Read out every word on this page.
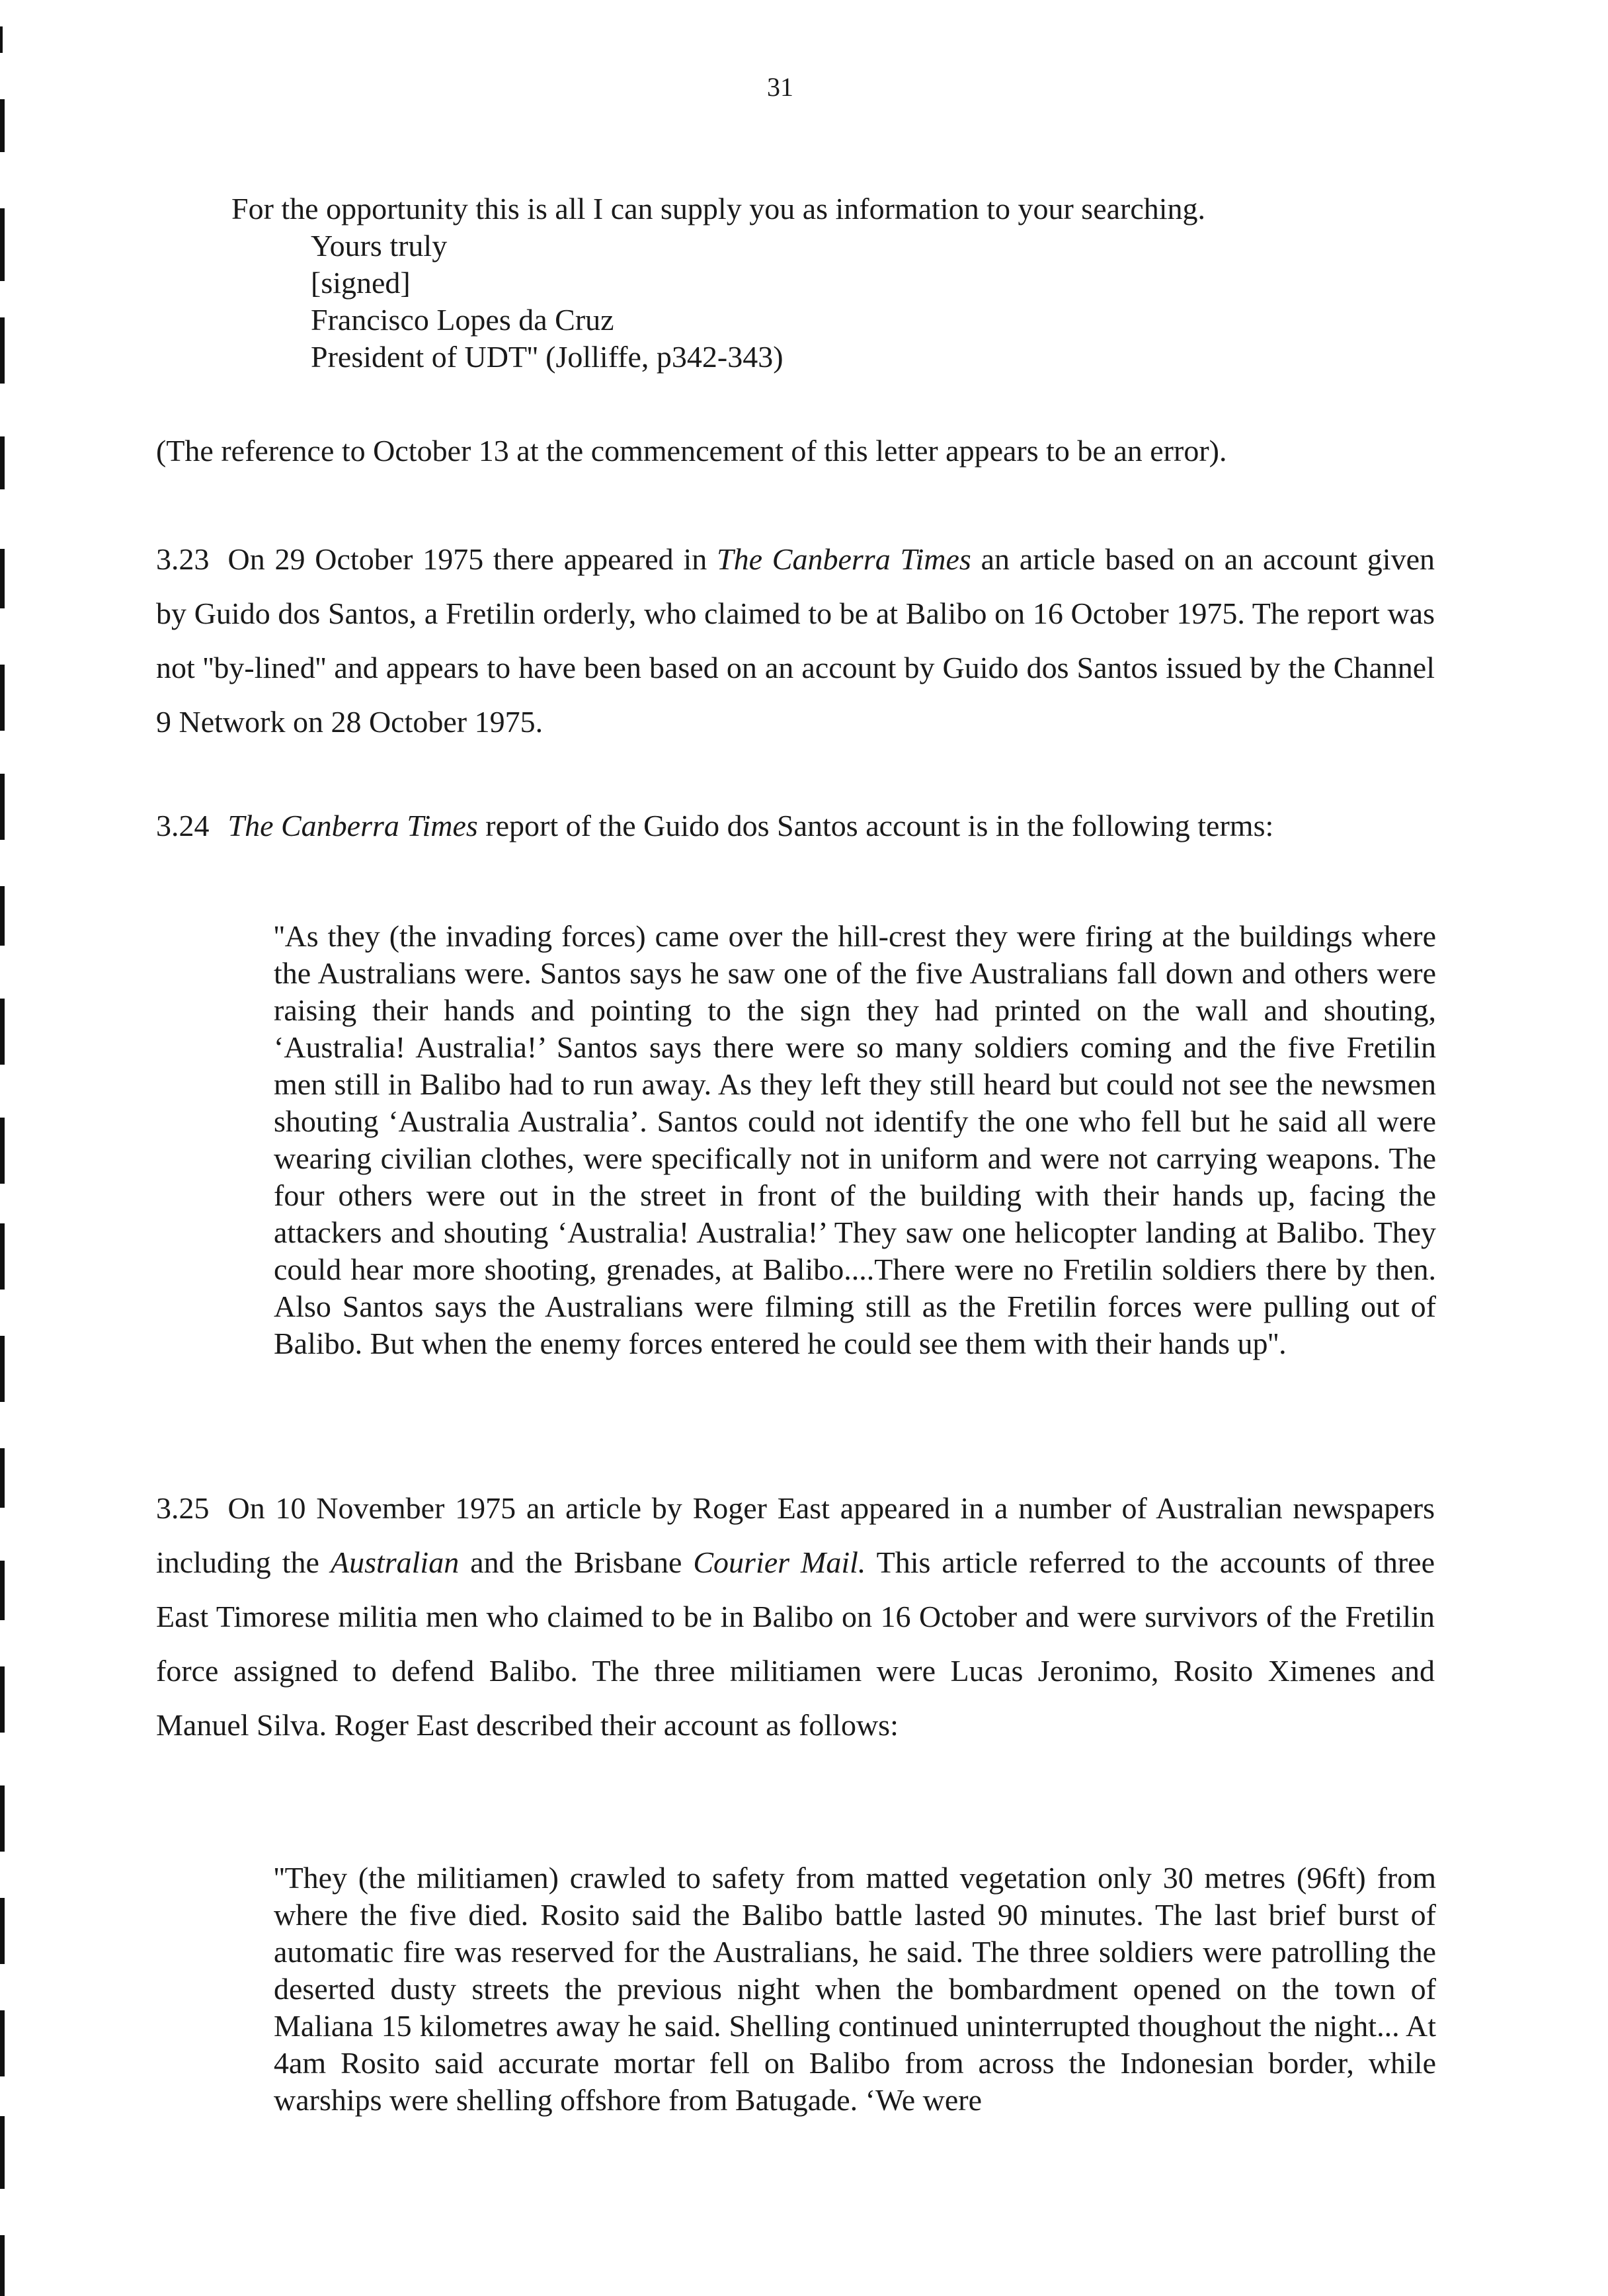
31
For the opportunity this is all I can supply you as information to your searching.
Yours truly
[signed]
Francisco Lopes da Cruz
President of UDT'' (Jolliffe, p342-343)
(The reference to October 13 at the commencement of this letter appears to be an error).
3.23 On 29 October 1975 there appeared in The Canberra Times an article based on an account given by Guido dos Santos, a Fretilin orderly, who claimed to be at Balibo on 16 October 1975. The report was not ''by-lined'' and appears to have been based on an account by Guido dos Santos issued by the Channel 9 Network on 28 October 1975.
3.24 The Canberra Times report of the Guido dos Santos account is in the following terms:
''As they (the invading forces) came over the hill-crest they were firing at the buildings where the Australians were. Santos says he saw one of the five Australians fall down and others were raising their hands and pointing to the sign they had printed on the wall and shouting, ‘Australia! Australia!’ Santos says there were so many soldiers coming and the five Fretilin men still in Balibo had to run away. As they left they still heard but could not see the newsmen shouting ‘Australia Australia’. Santos could not identify the one who fell but he said all were wearing civilian clothes, were specifically not in uniform and were not carrying weapons. The four others were out in the street in front of the building with their hands up, facing the attackers and shouting ‘Australia! Australia!’ They saw one helicopter landing at Balibo. They could hear more shooting, grenades, at Balibo....There were no Fretilin soldiers there by then. Also Santos says the Australians were filming still as the Fretilin forces were pulling out of Balibo. But when the enemy forces entered he could see them with their hands up''.
3.25 On 10 November 1975 an article by Roger East appeared in a number of Australian newspapers including the Australian and the Brisbane Courier Mail. This article referred to the accounts of three East Timorese militia men who claimed to be in Balibo on 16 October and were survivors of the Fretilin force assigned to defend Balibo. The three militiamen were Lucas Jeronimo, Rosito Ximenes and Manuel Silva. Roger East described their account as follows:
''They (the militiamen) crawled to safety from matted vegetation only 30 metres (96ft) from where the five died. Rosito said the Balibo battle lasted 90 minutes. The last brief burst of automatic fire was reserved for the Australians, he said. The three soldiers were patrolling the deserted dusty streets the previous night when the bombardment opened on the town of Maliana 15 kilometres away he said. Shelling continued uninterrupted thoughout the night... At 4am Rosito said accurate mortar fell on Balibo from across the Indonesian border, while warships were shelling offshore from Batugade. ‘We were
